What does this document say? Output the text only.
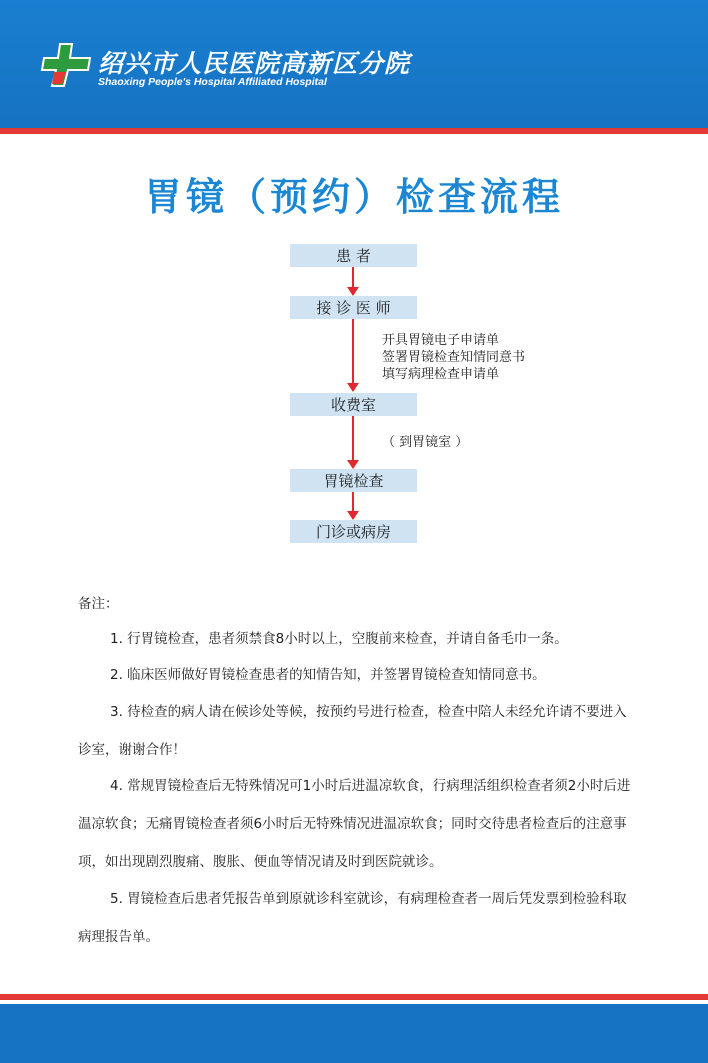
绍兴市人民医院高新区分院
Shaoxing People's Hospital Affiliated Hospital
胃镜（预约）检查流程
患 者
接 诊 医 师
开具胃镜电子申请单
签署胃镜检查知情同意书
填写病理检查申请单
收费室
（ 到胃镜室 ）
胃镜检查
门诊或病房
备注：
1. 行胃镜检查，患者须禁食8小时以上，空腹前来检查，并请自备毛巾一条。
2. 临床医师做好胃镜检查患者的知情告知，并签署胃镜检查知情同意书。
3. 待检查的病人请在候诊处等候，按预约号进行检查，检查中陪人未经允许请不要进入诊室，谢谢合作！
4. 常规胃镜检查后无特殊情况可1小时后进温凉软食，行病理活组织检查者须2小时后进温凉软食；无痛胃镜检查者须6小时后无特殊情况进温凉软食；同时交待患者检查后的注意事项，如出现剧烈腹痛、腹胀、便血等情况请及时到医院就诊。
5. 胃镜检查后患者凭报告单到原就诊科室就诊，有病理检查者一周后凭发票到检验科取病理报告单。
